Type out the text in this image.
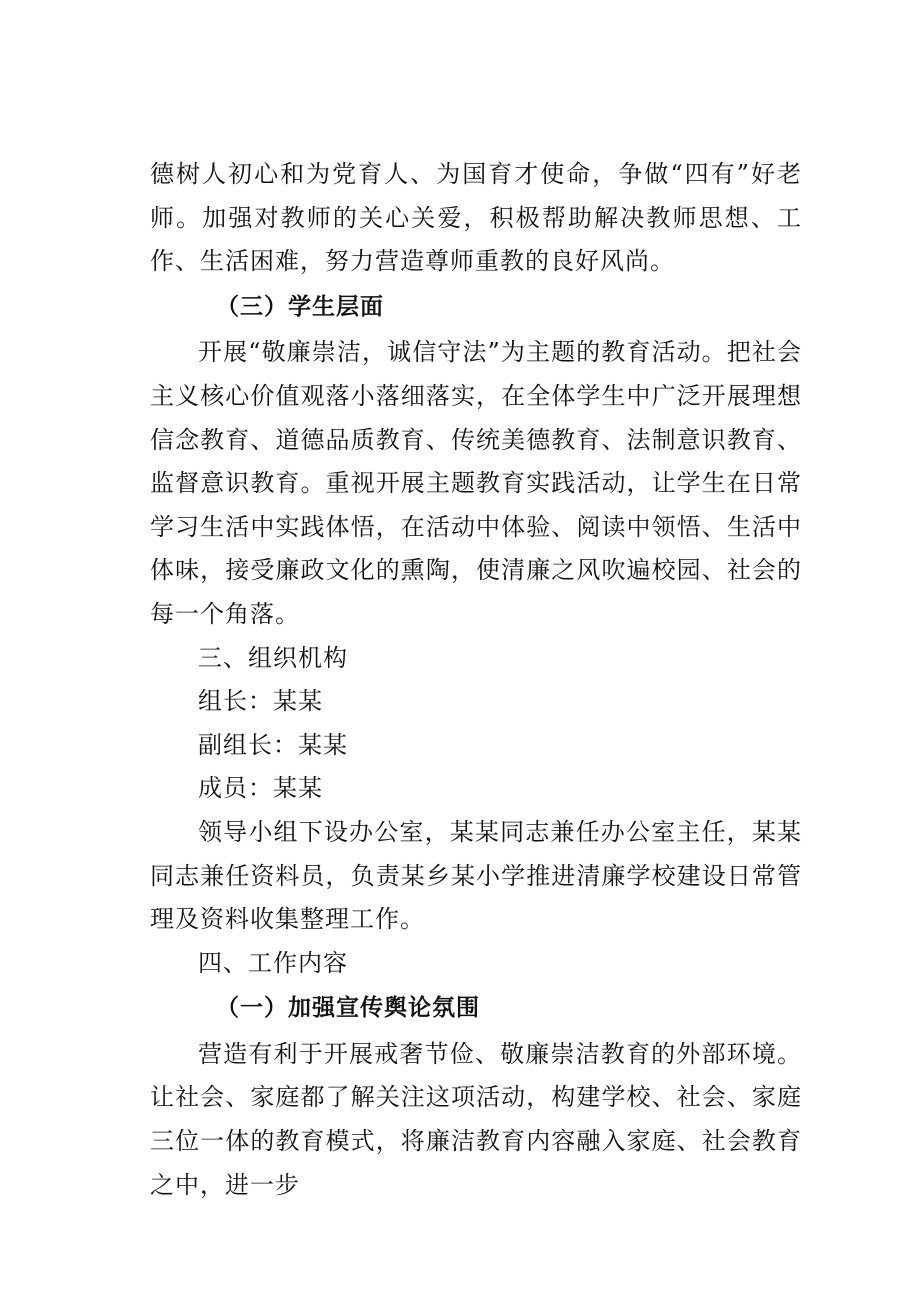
德树人初心和为党育人、为国育才使命，争做“四有”好老师。加强对教师的关心关爱，积极帮助解决教师思想、工作、生活困难，努力营造尊师重教的良好风尚。

（三）学生层面

开展“敬廉崇洁，诚信守法”为主题的教育活动。把社会主义核心价值观落小落细落实，在全体学生中广泛开展理想信念教育、道德品质教育、传统美德教育、法制意识教育、监督意识教育。重视开展主题教育实践活动，让学生在日常学习生活中实践体悟，在活动中体验、阅读中领悟、生活中体味，接受廉政文化的熏陶，使清廉之风吹遍校园、社会的每一个角落。

三、组织机构

组长：某某

副组长：某某

成员：某某

领导小组下设办公室，某某同志兼任办公室主任，某某同志兼任资料员，负责某乡某小学推进清廉学校建设日常管理及资料收集整理工作。

四、工作内容

（一）加强宣传舆论氛围

营造有利于开展戒奢节俭、敬廉崇洁教育的外部环境。让社会、家庭都了解关注这项活动，构建学校、社会、家庭三位一体的教育模式，将廉洁教育内容融入家庭、社会教育之中，进一步
